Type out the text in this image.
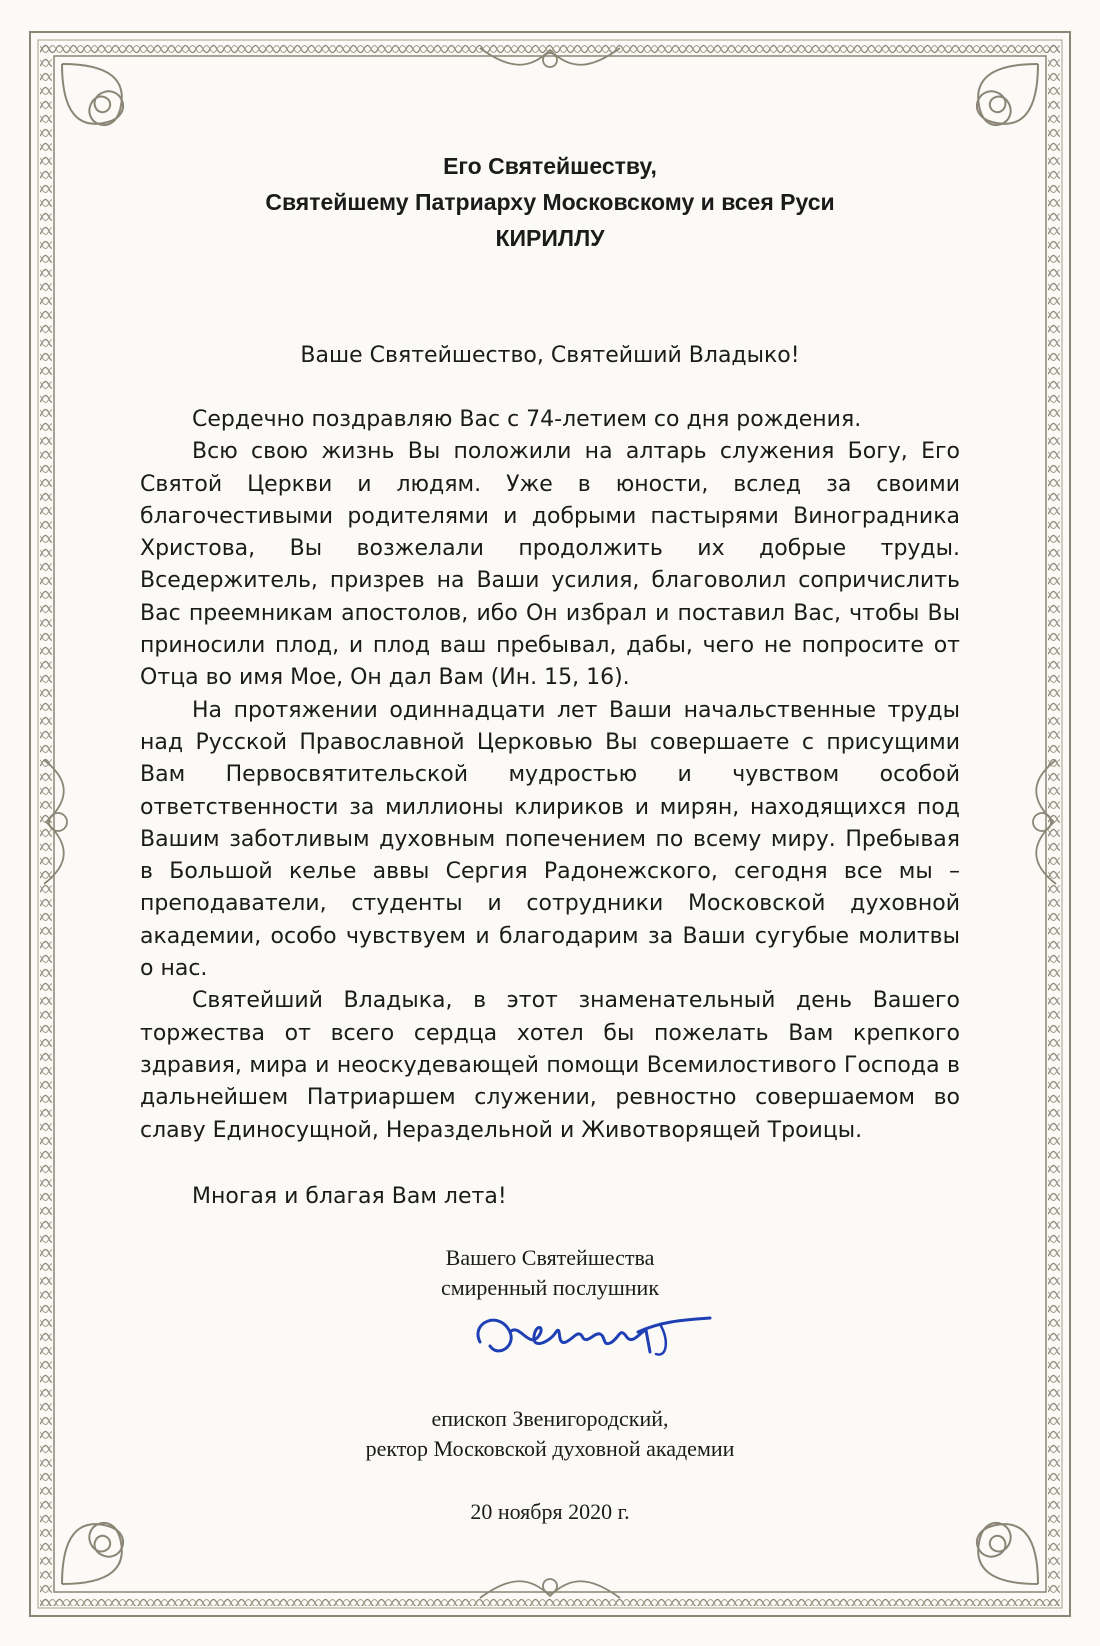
Его Святейшеству,
Святейшему Патриарху Московскому и всея Руси
КИРИЛЛУ
Ваше Святейшество, Святейший Владыко!

Сердечно поздравляю Вас с 74-летием со дня рождения.

Всю свою жизнь Вы положили на алтарь служения Богу, Его Святой Церкви и людям. Уже в юности, вслед за своими благочестивыми родителями и добрыми пастырями Виноградника Христова, Вы возжелали продолжить их добрые труды. Вседержитель, призрев на Ваши усилия, благоволил сопричислить Вас преемникам апостолов, ибо Он избрал и поставил Вас, чтобы Вы приносили плод, и плод ваш пребывал, дабы, чего не попросите от Отца во имя Мое, Он дал Вам (Ин. 15, 16).

На протяжении одиннадцати лет Ваши начальственные труды над Русской Православной Церковью Вы совершаете с присущими Вам Первосвятительской мудростью и чувством особой ответственности за миллионы клириков и мирян, находящихся под Вашим заботливым духовным попечением по всему миру. Пребывая в Большой келье аввы Сергия Радонежского, сегодня все мы – преподаватели, студенты и сотрудники Московской духовной академии, особо чувствуем и благодарим за Ваши сугубые молитвы о нас.

Святейший Владыка, в этот знаменательный день Вашего торжества от всего сердца хотел бы пожелать Вам крепкого здравия, мира и неоскудевающей помощи Всемилостивого Господа в дальнейшем Патриаршем служении, ревностно совершаемом во славу Единосущной, Нераздельной и Животворящей Троицы.

Многая и благая Вам лета!
Вашего Святейшества
смиренный послушник
епископ Звенигородский,
ректор Московской духовной академии
20 ноября 2020 г.
